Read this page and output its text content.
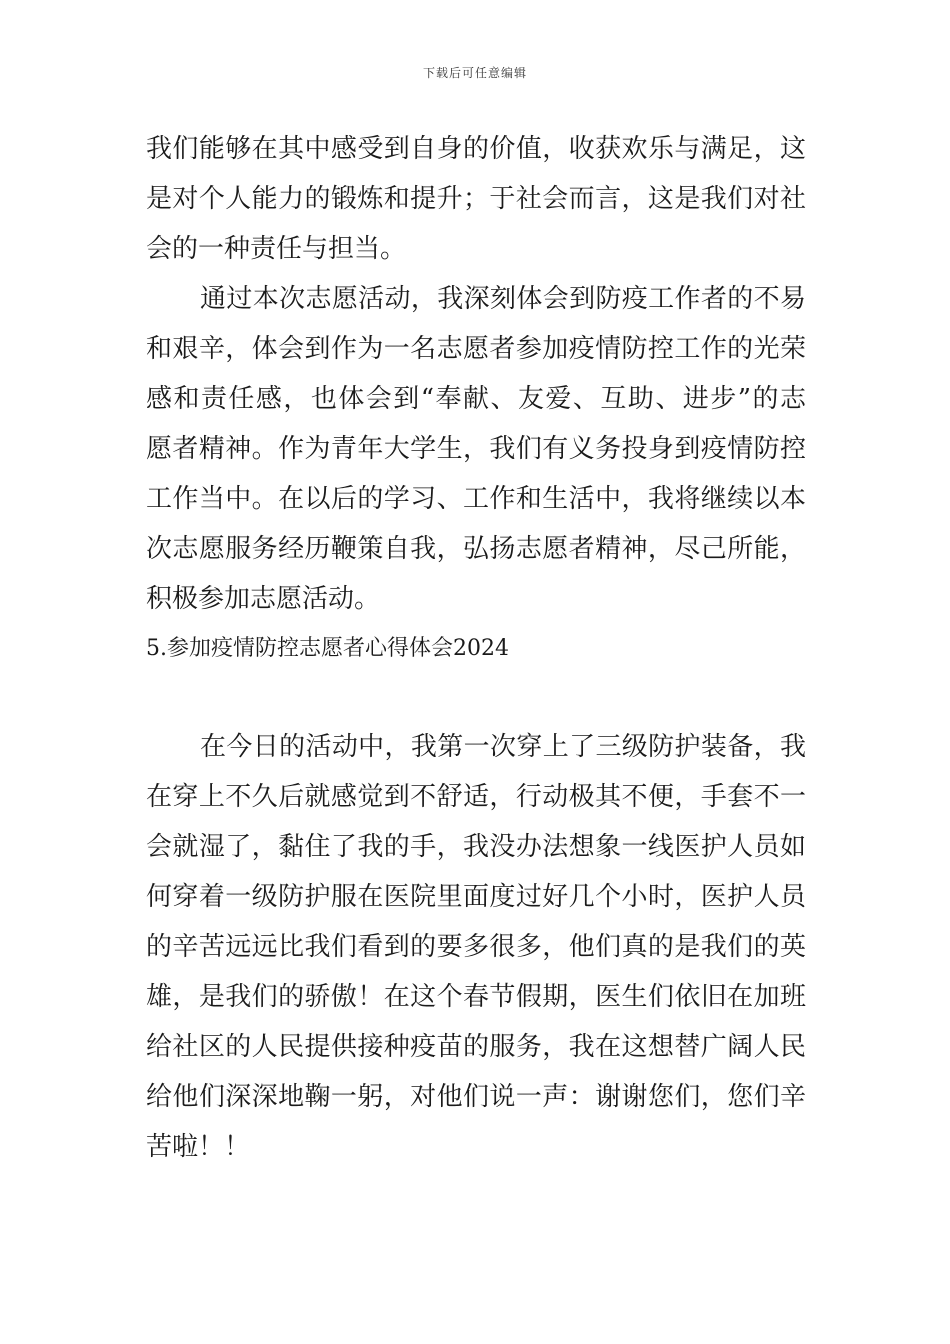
下载后可任意编辑
我们能够在其中感受到自身的价值，收获欢乐与满足，这
是对个人能力的锻炼和提升；于社会而言，这是我们对社
会的一种责任与担当。
通过本次志愿活动，我深刻体会到防疫工作者的不易
和艰辛，体会到作为一名志愿者参加疫情防控工作的光荣
感和责任感，也体会到“奉献、友爱、互助、进步”的志
愿者精神。作为青年大学生，我们有义务投身到疫情防控
工作当中。在以后的学习、工作和生活中，我将继续以本
次志愿服务经历鞭策自我，弘扬志愿者精神，尽己所能，
积极参加志愿活动。
5.参加疫情防控志愿者心得体会2024
在今日的活动中，我第一次穿上了三级防护装备，我
在穿上不久后就感觉到不舒适，行动极其不便，手套不一
会就湿了，黏住了我的手，我没办法想象一线医护人员如
何穿着一级防护服在医院里面度过好几个小时，医护人员
的辛苦远远比我们看到的要多很多，他们真的是我们的英
雄，是我们的骄傲！在这个春节假期，医生们依旧在加班
给社区的人民提供接种疫苗的服务，我在这想替广阔人民
给他们深深地鞠一躬，对他们说一声：谢谢您们，您们辛
苦啦！！
